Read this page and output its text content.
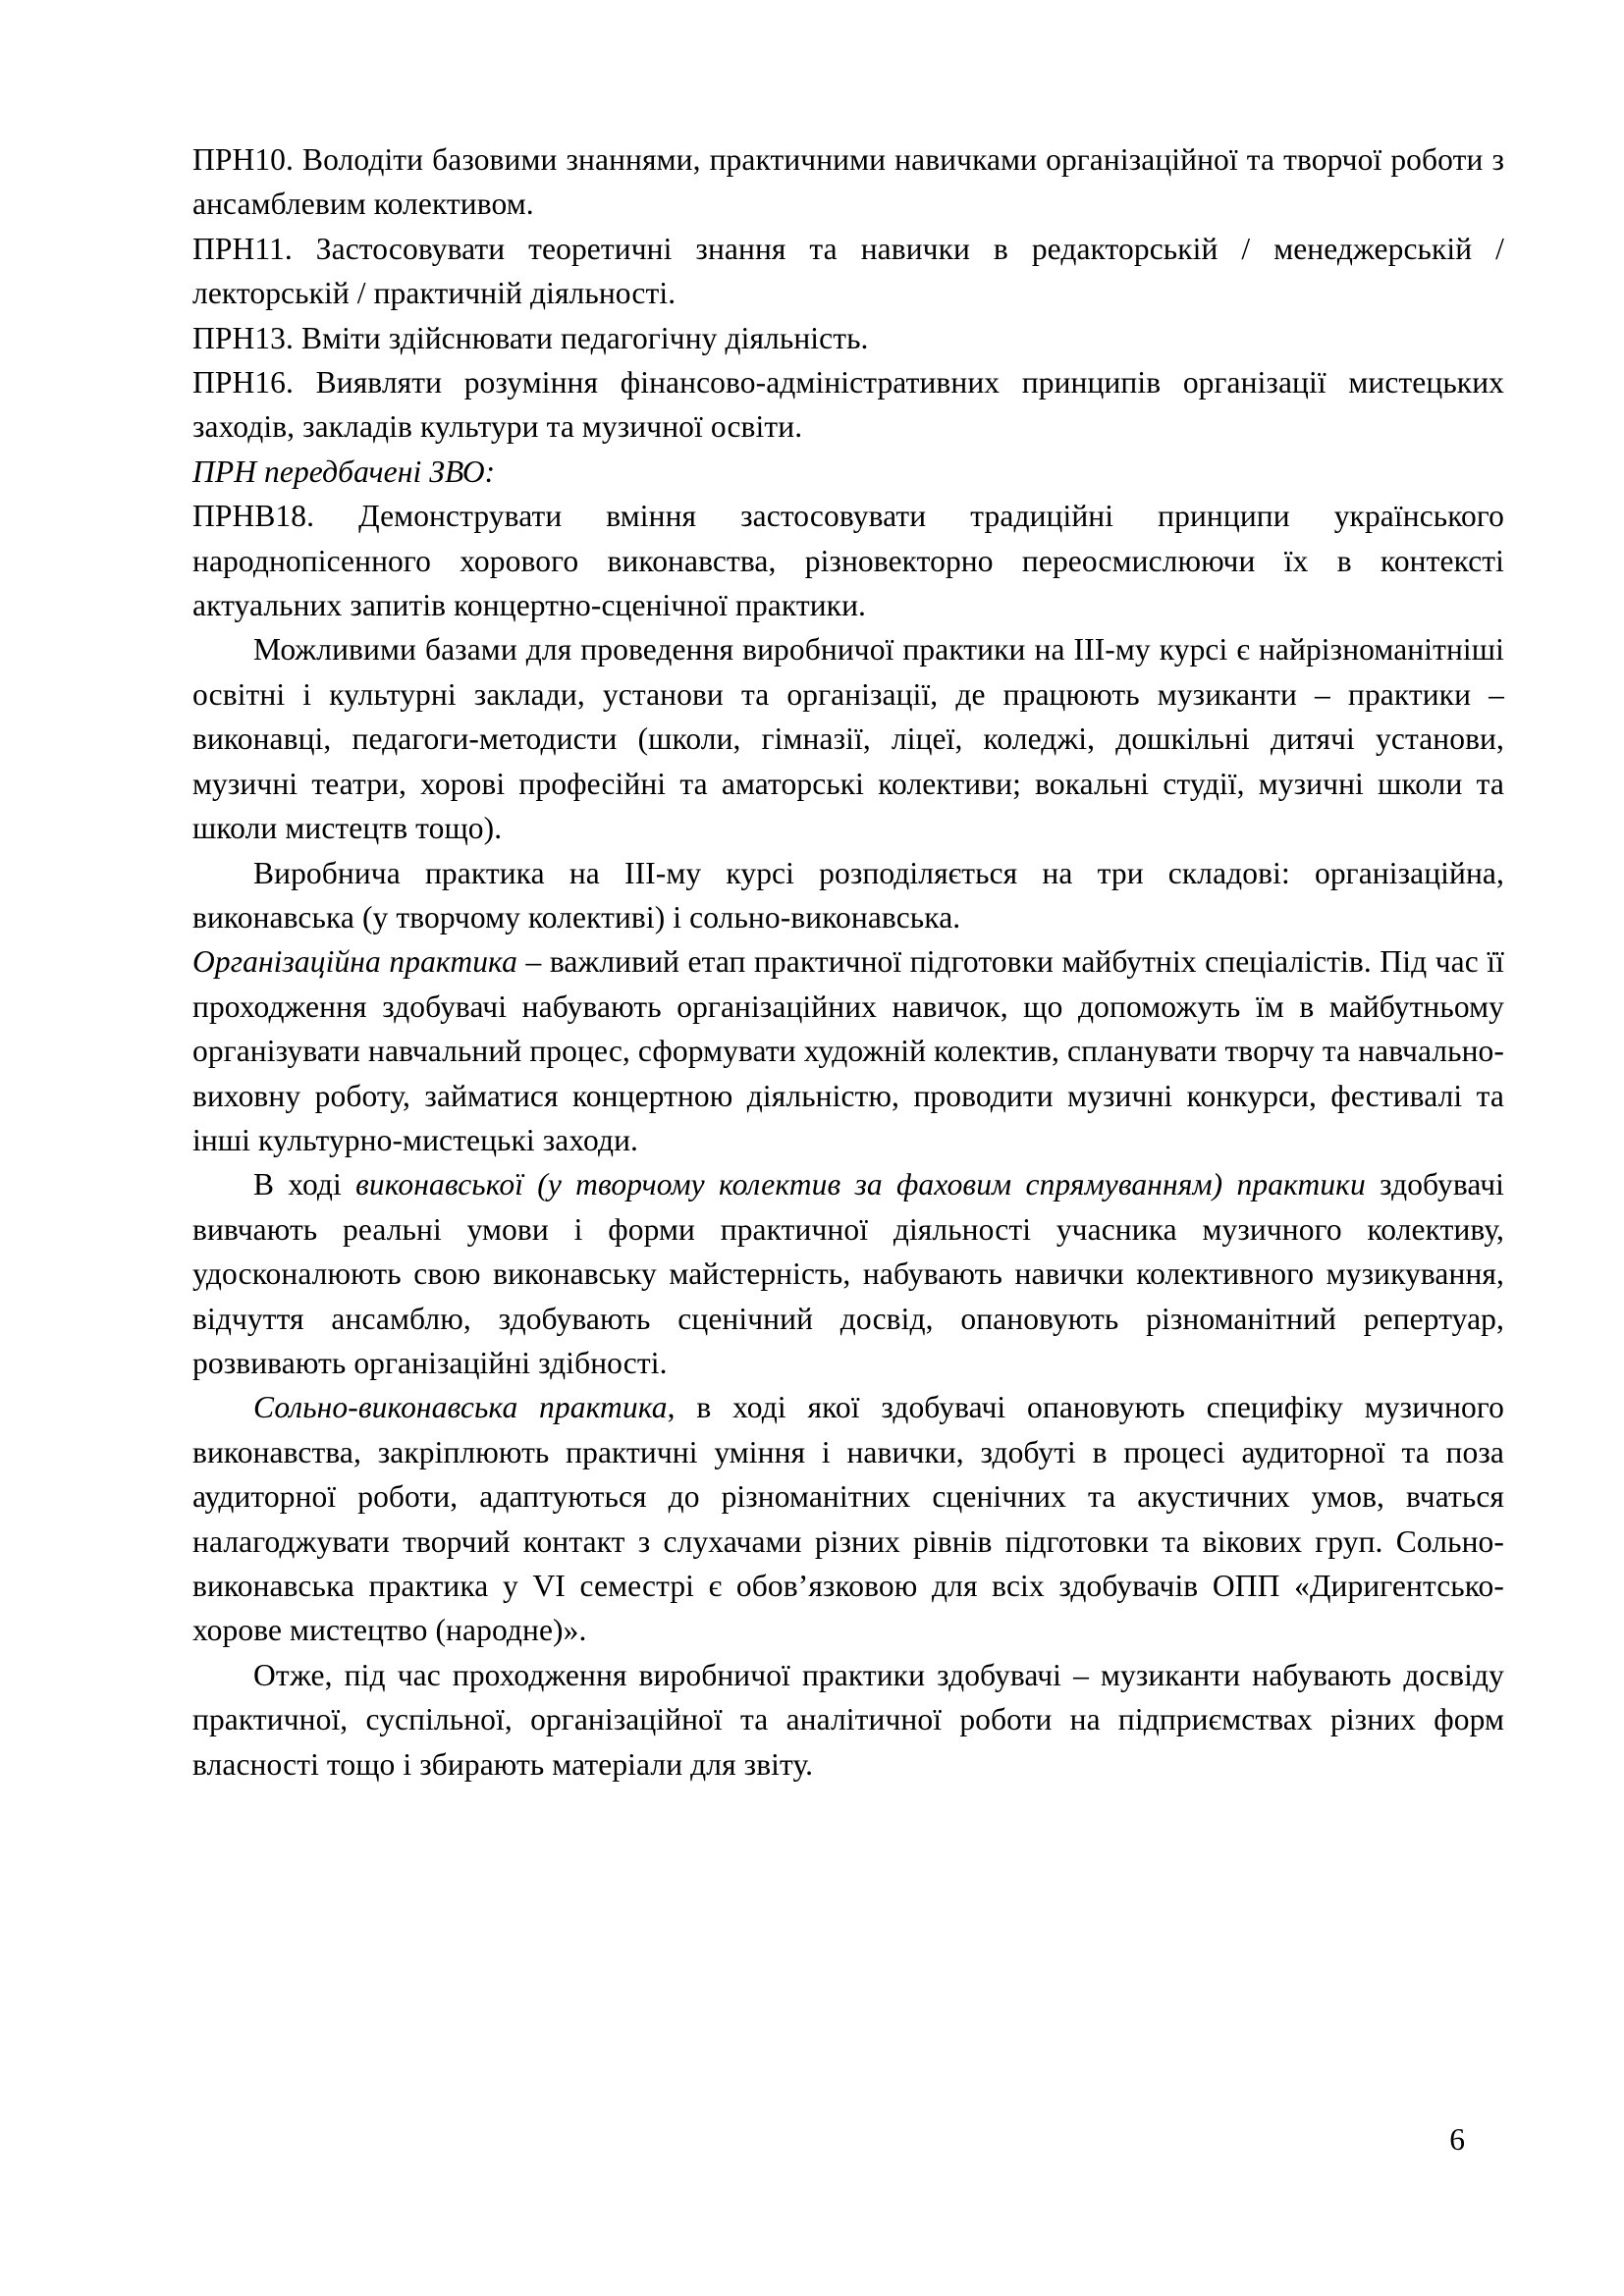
ПРН10. Володіти базовими знаннями, практичними навичками організаційної та творчої роботи з ансамблевим колективом.

ПРН11. Застосовувати теоретичні знання та навички в редакторській / менеджерській / лекторській / практичній діяльності.

ПРН13. Вміти здійснювати педагогічну діяльність.

ПРН16. Виявляти розуміння фінансово-адміністративних принципів організації мистецьких заходів, закладів культури та музичної освіти.

ПРН передбачені ЗВО:

ПРНВ18. Демонструвати вміння застосовувати традиційні принципи українського народнопісенного хорового виконавства, різновекторно переосмислюючи їх в контексті актуальних запитів концертно-сценічної практики.

Можливими базами для проведення виробничої практики на ІІІ-му курсі є найрізноманітніші освітні і культурні заклади, установи та організації, де працюють музиканти – практики – виконавці, педагоги-методисти (школи, гімназії, ліцеї, коледжі, дошкільні дитячі установи, музичні театри, хорові професійні та аматорські колективи; вокальні студії, музичні школи та школи мистецтв тощо).

Виробнича практика на ІІІ-му курсі розподіляється на три складові: організаційна, виконавська (у творчому колективі) і сольно-виконавська.

Організаційна практика – важливий етап практичної підготовки майбутніх спеціалістів. Під час її проходження здобувачі набувають організаційних навичок, що допоможуть їм в майбутньому організувати навчальний процес, сформувати художній колектив, спланувати творчу та навчально-виховну роботу, займатися концертною діяльністю, проводити музичні конкурси, фестивалі та інші культурно-мистецькі заходи.

В ході виконавської (у творчому колектив за фаховим спрямуванням) практики здобувачі вивчають реальні умови і форми практичної діяльності учасника музичного колективу, удосконалюють свою виконавську майстерність, набувають навички колективного музикування, відчуття ансамблю, здобувають сценічний досвід, опановують різноманітний репертуар, розвивають організаційні здібності.

Сольно-виконавська практика, в ході якої здобувачі опановують специфіку музичного виконавства, закріплюють практичні уміння і навички, здобуті в процесі аудиторної та поза аудиторної роботи, адаптуються до різноманітних сценічних та акустичних умов, вчаться налагоджувати творчий контакт з слухачами різних рівнів підготовки та вікових груп. Сольно-виконавська практика у VI семестрі є обов’язковою для всіх здобувачів ОПП «Диригентсько-хорове мистецтво (народне)».

Отже, під час проходження виробничої практики здобувачі – музиканти набувають досвіду практичної, суспільної, організаційної та аналітичної роботи на підприємствах різних форм власності тощо і збирають матеріали для звіту.

6
